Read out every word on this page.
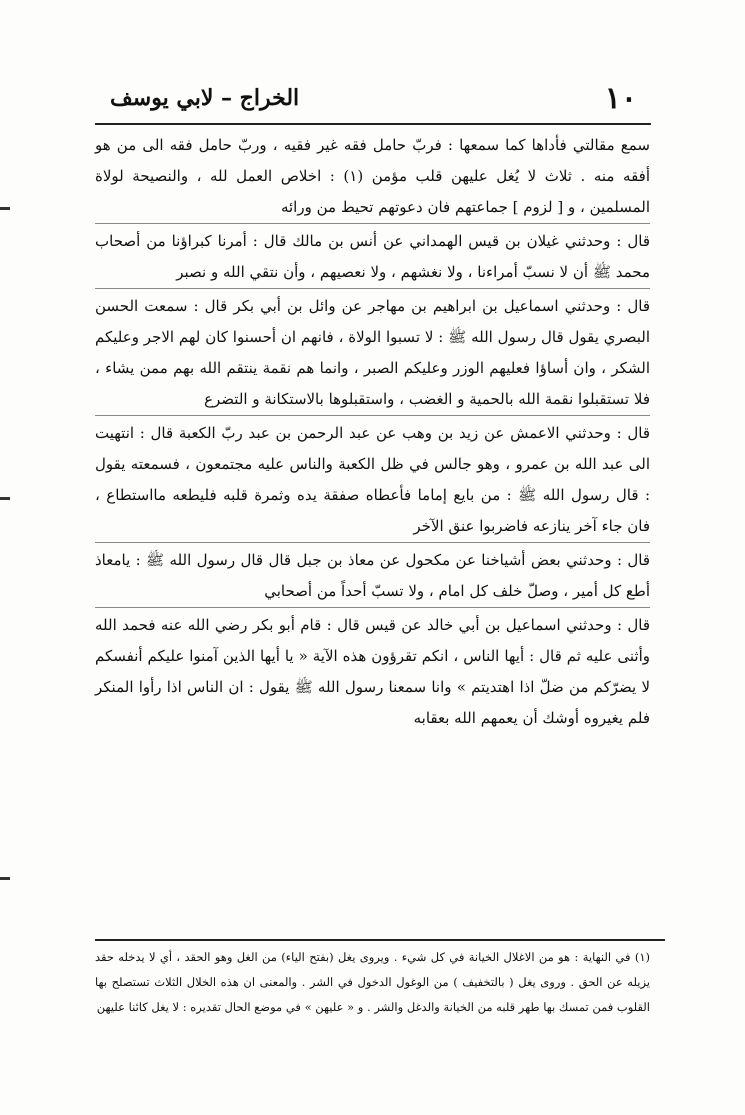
١٠
الخراج – لابي يوسف

سمع مقالتي فأداها كما سمعها : فربّ حامل فقه غير فقيه ، وربّ حامل فقه الى من هو أفقه منه . ثلاث لا يُغل عليهن قلب مؤمن (١) : اخلاص العمل لله ، والنصيحة لولاة المسلمين ، و [ لزوم ] جماعتهم فان دعوتهم تحيط من ورائه

قال : وحدثني غيلان بن قيس الهمداني عن أنس بن مالك قال : أمرنا كبراؤنا من أصحاب محمد ﷺ أن لا نسبّ أمراءنا ، ولا نغشهم ، ولا نعصيهم ، وأن نتقي الله و نصبر

قال : وحدثني اسماعيل بن ابراهيم بن مهاجر عن وائل بن أبي بكر قال : سمعت الحسن البصري يقول قال رسول الله ﷺ : لا تسبوا الولاة ، فانهم ان أحسنوا كان لهم الاجر وعليكم الشكر ، وان أساؤا فعليهم الوزر وعليكم الصبر ، وانما هم نقمة ينتقم الله بهم ممن يشاء ، فلا تستقبلوا نقمة الله بالحمية و الغضب ، واستقبلوها بالاستكانة و التضرع

قال : وحدثني الاعمش عن زيد بن وهب عن عبد الرحمن بن عبد ربّ الكعبة قال : انتهيت الى عبد الله بن عمرو ، وهو جالس في ظل الكعبة والناس عليه مجتمعون ، فسمعته يقول : قال رسول الله ﷺ : من بايع إماما فأعطاه صفقة يده وثمرة قلبه فليطعه مااستطاع ، فان جاء آخر ينازعه فاضربوا عنق الآخر

قال : وحدثني بعض أشياخنا عن مكحول عن معاذ بن جبل قال قال رسول الله ﷺ : يامعاذ أطع كل أمير ، وصلّ خلف كل امام ، ولا تسبّ أحداً من أصحابي

قال : وحدثني اسماعيل بن أبي خالد عن قيس قال : قام أبو بكر رضي الله عنه فحمد الله وأثنى عليه ثم قال : أيها الناس ، انكم تقرؤون هذه الآية « يا أيها الذين آمنوا عليكم أنفسكم لا يضرّكم من ضلّ اذا اهتديتم » وانا سمعنا رسول الله ﷺ يقول : ان الناس اذا رأوا المنكر فلم يغيروه أوشك أن يعمهم الله بعقابه

(١) في النهاية : هو من الاغلال الخيانة في كل شيء . ويروى يغل (بفتح الياء) من الغل وهو الحقد ، أي لا يدخله حقد يزيله عن الحق . وروى يغل ( بالتخفيف ) من الوغول الدخول في الشر . والمعنى ان هذه الخلال الثلاث تستصلح بها القلوب فمن تمسك بها طهر قلبه من الخيانة والدغل والشر . و « عليهن » في موضع الحال تقديره : لا يغل كائنا عليهن
